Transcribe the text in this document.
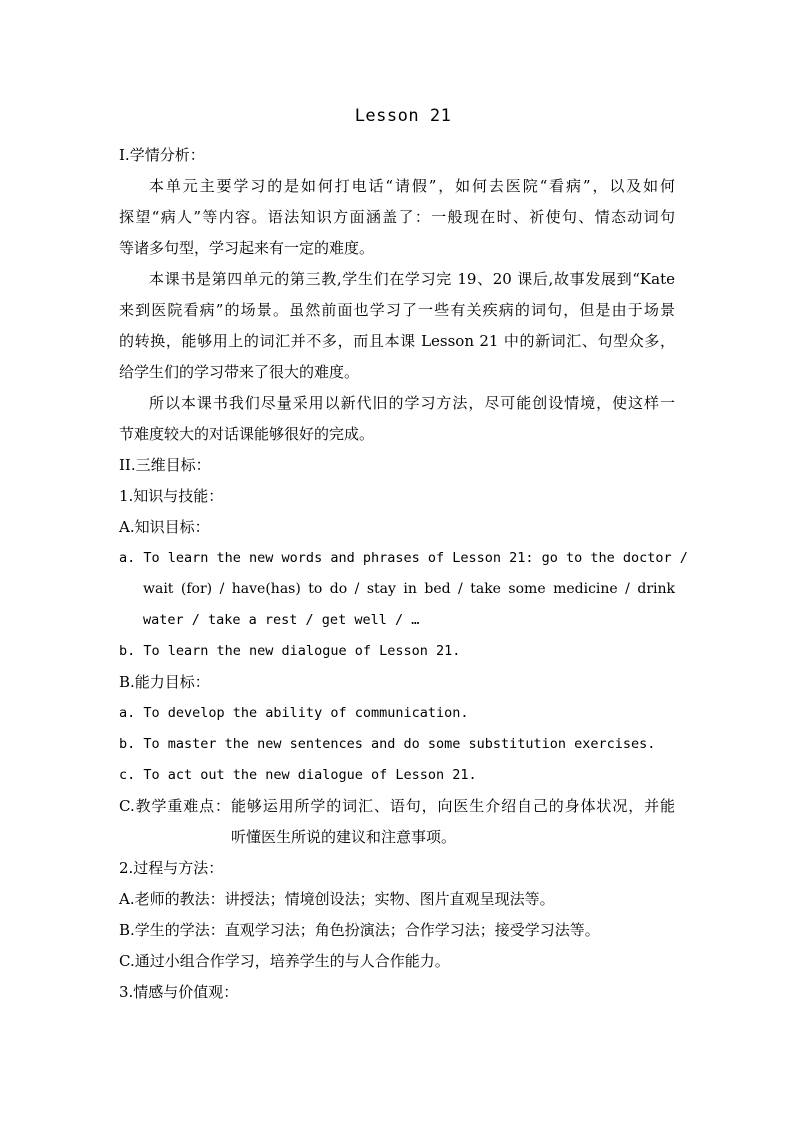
Lesson 21
I.学情分析：
本单元主要学习的是如何打电话“请假”，如何去医院“看病”，以及如何
探望“病人”等内容。语法知识方面涵盖了：一般现在时、祈使句、情态动词句
等诸多句型，学习起来有一定的难度。
本课书是第四单元的第三教,学生们在学习完 19、20 课后,故事发展到“Kate
来到医院看病”的场景。虽然前面也学习了一些有关疾病的词句，但是由于场景
的转换，能够用上的词汇并不多，而且本课 Lesson 21 中的新词汇、句型众多，
给学生们的学习带来了很大的难度。
所以本课书我们尽量采用以新代旧的学习方法，尽可能创设情境，使这样一
节难度较大的对话课能够很好的完成。
II.三维目标：
1.知识与技能：
A.知识目标：
a. To learn the new words and phrases of Lesson 21: go to the doctor /
wait (for) / have(has) to do / stay in bed / take some medicine / drink
water / take a rest / get well / …
b. To learn the new dialogue of Lesson 21.
B.能力目标：
a. To develop the ability of communication.
b. To master the new sentences and do some substitution exercises.
c. To act out the new dialogue of Lesson 21.
C.教学重难点：能够运用所学的词汇、语句，向医生介绍自己的身体状况，并能
听懂医生所说的建议和注意事项。
2.过程与方法：
A.老师的教法：讲授法；情境创设法；实物、图片直观呈现法等。
B.学生的学法：直观学习法；角色扮演法；合作学习法；接受学习法等。
C.通过小组合作学习，培养学生的与人合作能力。
3.情感与价值观：
